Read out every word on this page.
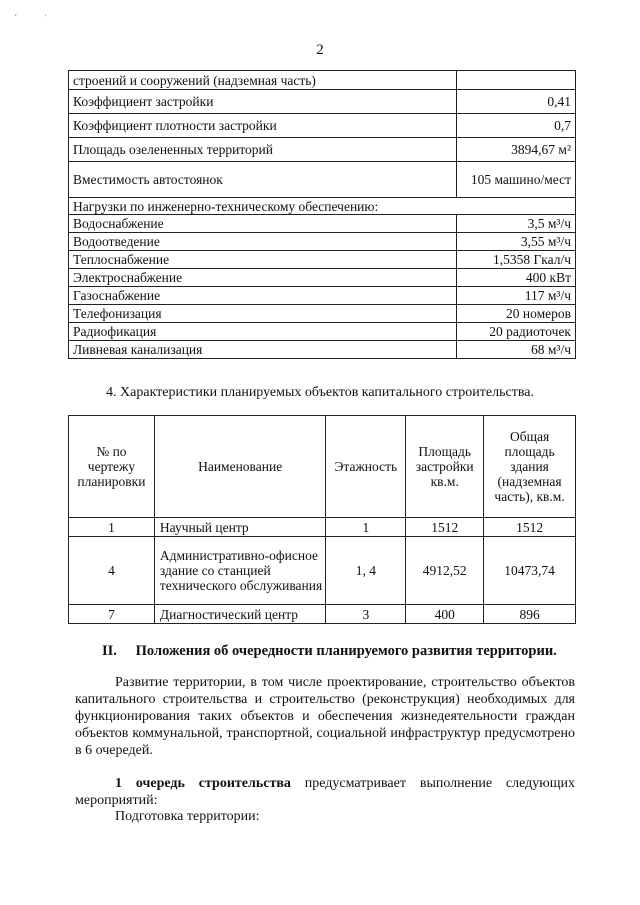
ˊ	ˈ
2
строений и сооружений (надземная часть)	
Коэффициент застройки	0,41
Коэффициент плотности застройки	0,7
Площадь озелененных территорий	3894,67 м²
Вместимость автостоянок	105 машино/мест
Нагрузки по инженерно-техническому обеспечению:	
Водоснабжение	3,5 м³/ч
Водоотведение	3,55 м³/ч
Теплоснабжение	1,5358 Гкал/ч
Электроснабжение	400 кВт
Газоснабжение	117 м³/ч
Телефонизация	20 номеров
Радиофикация	20 радиоточек
Ливневая канализация	68 м³/ч
4. Характеристики планируемых объектов капитального строительства.
№ по чертежу планировки	Наименование	Этажность	Площадь застройки кв.м.	Общая площадь здания (надземная часть), кв.м.
1	Научный центр	1	1512	1512
4	Административно-офисное здание со станцией технического обслуживания	1, 4	4912,52	10473,74
7	Диагностический центр	3	400	896
II. Положения об очередности планируемого развития территории.
Развитие территории, в том числе проектирование, строительство объектов капитального строительства и строительство (реконструкция) необходимых для функционирования таких объектов и обеспечения жизнедеятельности граждан объектов коммунальной, транспортной, социальной инфраструктур предусмотрено в 6 очередей.
1 очередь строительства предусматривает выполнение следующих мероприятий:
Подготовка территории:
